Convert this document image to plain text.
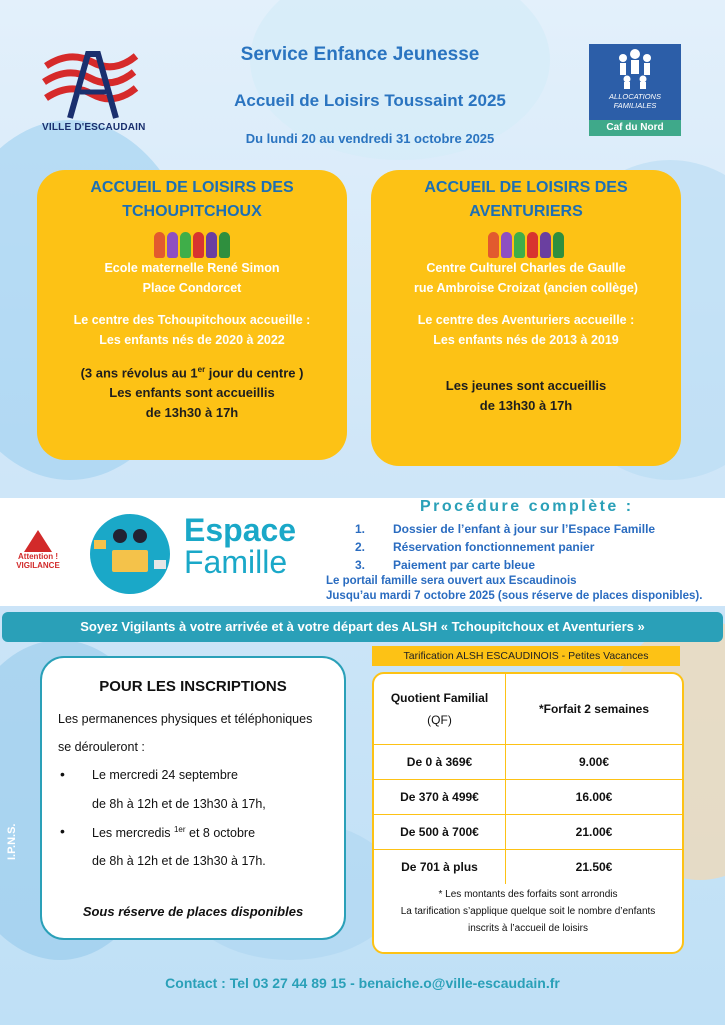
VILLE D'ESCAUDAIN
ALLOCATIONS
FAMILIALES
Caf du Nord
Service Enfance Jeunesse
Accueil de Loisirs Toussaint 2025
Du lundi 20 au vendredi 31 octobre 2025
ACCUEIL DE LOISIRS DES
TCHOUPITCHOUX

Ecole maternelle René Simon

Place Condorcet

Le centre des Tchoupitchoux accueille :

Les enfants nés de 2020 à 2022

(3 ans révolus au 1er jour du centre )
Les enfants sont accueillis
de 13h30 à 17h
ACCUEIL DE LOISIRS DES
AVENTURIERS

Centre Culturel Charles de Gaulle

rue Ambroise Croizat (ancien collège)

Le centre des Aventuriers accueille :

Les enfants nés de 2013 à 2019

Les jeunes sont accueillis
de 13h30 à 17h
Attention !
VIGILANCE
Espace
Famille
Procédure complète :
1. Dossier de l’enfant à jour sur l’Espace Famille
2. Réservation fonctionnement panier
3. Paiement par carte bleue
Le portail famille sera ouvert aux Escaudinois
Jusqu’au mardi 7 octobre 2025 (sous réserve de places disponibles).
Soyez Vigilants à votre arrivée et à votre départ des ALSH « Tchoupitchoux et Aventuriers »
POUR LES INSCRIPTIONS
Les permanences physiques et téléphoniques
se dérouleront :
• Le mercredi 24 septembre
de 8h à 12h et de 13h30 à 17h,
• Les mercredis $^{1er}$ et 8 octobre
de 8h à 12h et de 13h30 à 17h.
Sous réserve de places disponibles
I.P.N.S.
Tarification ALSH ESCAUDINOIS - Petites Vacances
Quotient Familial
(QF)
*Forfait 2 semaines
De 0 à 369€	9.00€
De 370 à 499€	16.00€
De 500 à 700€	21.00€
De 701 à plus	21.50€
* Les montants des forfaits sont arrondis
La tarification s’applique quelque soit le nombre d’enfants
inscrits à l’accueil de loisirs
Contact : Tel 03 27 44 89 15 - benaiche.o@ville-escaudain.fr
